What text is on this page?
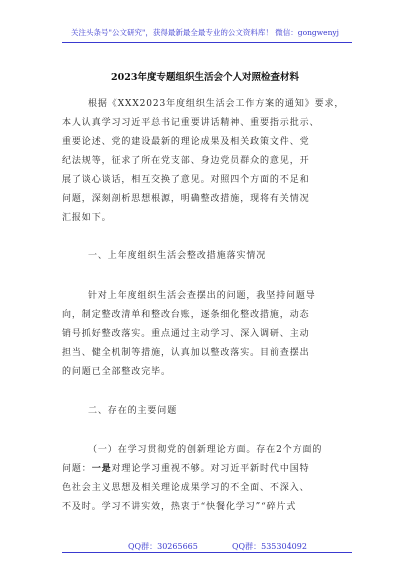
关注头条号"公文研究"，获得最新最全最专业的公文资料库！ 微信：gongwenyj
2023年度专题组织生活会个人对照检查材料
根据《XXX2023年度组织生活会工作方案的通知》要求，
本人认真学习习近平总书记重要讲话精神、重要指示批示、
重要论述、党的建设最新的理论成果及相关政策文件、党
纪法规等，征求了所在党支部、身边党员群众的意见，开
展了谈心谈话，相互交换了意见。对照四个方面的不足和
问题，深刻剖析思想根源，明确整改措施，现将有关情况
汇报如下。
一、上年度组织生活会整改措施落实情况
针对上年度组织生活会查摆出的问题，我坚持问题导
向，制定整改清单和整改台账，逐条细化整改措施，动态
销号抓好整改落实。重点通过主动学习、深入调研、主动
担当、健全机制等措施，认真加以整改落实。目前查摆出
的问题已全部整改完毕。
二、存在的主要问题
（一）在学习贯彻党的创新理论方面。存在2个方面的
问题：一是对理论学习重视不够。对习近平新时代中国特
色社会主义思想及相关理论成果学习的不全面、不深入、
不及时。学习不讲实效，热衷于“快餐化学习”“碎片式
QQ群：30265665	QQ群：535304092
